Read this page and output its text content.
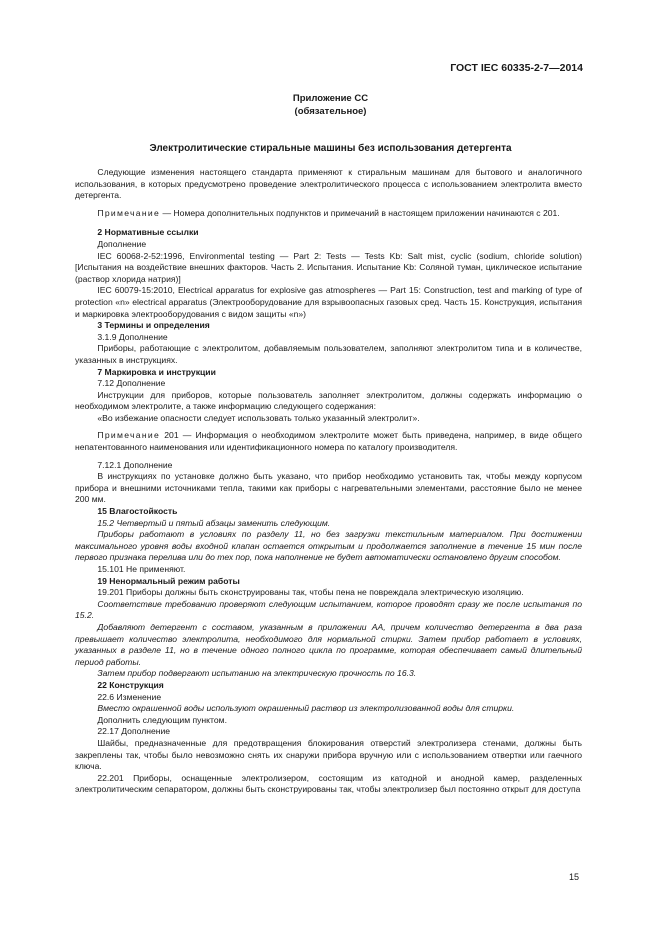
ГОСТ IEC 60335-2-7—2014
Приложение СС
(обязательное)
Электролитические стиральные машины без использования детергента

Следующие изменения настоящего стандарта применяют к стиральным машинам для бытового и аналогичного использования, в которых предусмотрено проведение электролитического процесса с использованием электролита вместо детергента.

Примечание — Номера дополнительных подпунктов и примечаний в настоящем приложении начинаются с 201.

2 Нормативные ссылки

Дополнение

IEC 60068-2-52:1996, Environmental testing — Part 2: Tests — Tests Kb: Salt mist, cyclic (sodium, chloride solution) [Испытания на воздействие внешних факторов. Часть 2. Испытания. Испытание Kb: Соляной туман, циклическое испытание (раствор хлорида натрия)]

IEC 60079-15:2010, Electrical apparatus for explosive gas atmospheres — Part 15: Construction, test and marking of type of protection «n» electrical apparatus (Электрооборудование для взрывоопасных газовых сред. Часть 15. Конструкция, испытания и маркировка электрооборудования с видом защиты «n»)

3 Термины и определения

3.1.9 Дополнение

Приборы, работающие с электролитом, добавляемым пользователем, заполняют электролитом типа и в количестве, указанных в инструкциях.

7 Маркировка и инструкции

7.12 Дополнение

Инструкции для приборов, которые пользователь заполняет электролитом, должны содержать информацию о необходимом электролите, а также информацию следующего содержания:

«Во избежание опасности следует использовать только указанный электролит».

Примечание 201 — Информация о необходимом электролите может быть приведена, например, в виде общего непатентованного наименования или идентификационного номера по каталогу производителя.

7.12.1 Дополнение

В инструкциях по установке должно быть указано, что прибор необходимо установить так, чтобы между корпусом прибора и внешними источниками тепла, такими как приборы с нагревательными элементами, расстояние было не менее 200 мм.

15 Влагостойкость

15.2 Четвертый и пятый абзацы заменить следующим.

Приборы работают в условиях по разделу 11, но без загрузки текстильным материалом. При достижении максимального уровня воды входной клапан остается открытым и продолжается заполнение в течение 15 мин после первого признака перелива или до тех пор, пока наполнение не будет автоматически остановлено другим способом.

15.101 Не применяют.

19 Ненормальный режим работы

19.201 Приборы должны быть сконструированы так, чтобы пена не повреждала электрическую изоляцию.

Соответствие требованию проверяют следующим испытанием, которое проводят сразу же после испытания по 15.2.

Добавляют детергент с составом, указанным в приложении АА, причем количество детергента в два раза превышает количество электролита, необходимого для нормальной стирки. Затем прибор работает в условиях, указанных в разделе 11, но в течение одного полного цикла по программе, которая обеспечивает самый длительный период работы.

Затем прибор подвергают испытанию на электрическую прочность по 16.3.

22 Конструкция

22.6 Изменение

Вместо окрашенной воды используют окрашенный раствор из электролизованной воды для стирки.

Дополнить следующим пунктом.

22.17 Дополнение

Шайбы, предназначенные для предотвращения блокирования отверстий электролизера стенами, должны быть закреплены так, чтобы было невозможно снять их снаружи прибора вручную или с использованием отвертки или гаечного ключа.

22.201 Приборы, оснащенные электролизером, состоящим из катодной и анодной камер, разделенных электролитическим сепаратором, должны быть сконструированы так, чтобы электролизер был постоянно открыт для доступа

15
